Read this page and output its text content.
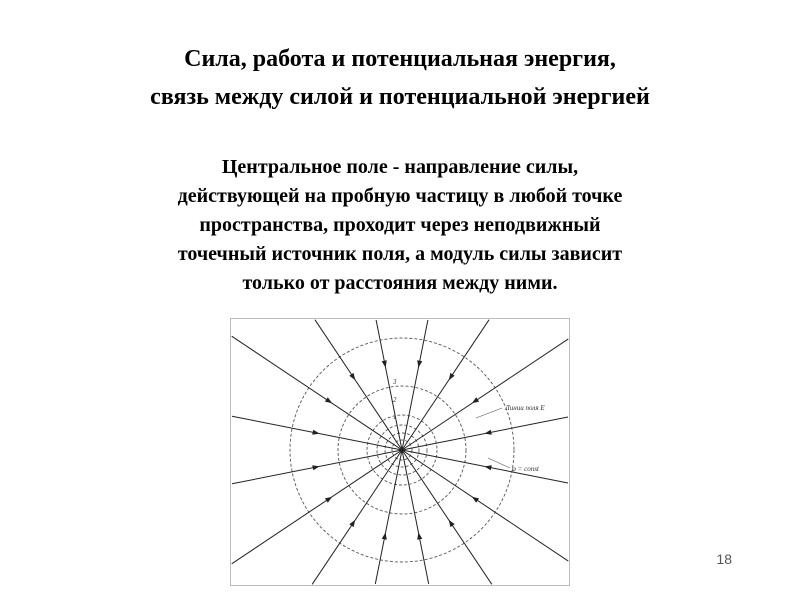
Сила, работа и потенциальная энергия,
связь между силой и потенциальной энергией
Центральное поле - направление силы,
действующей на пробную частицу в любой точке
пространства, проходит через неподвижный
точечный источник поля, а модуль силы зависит
только от расстояния между ними.
Линии поля E
φ = const
1
2
3
18
